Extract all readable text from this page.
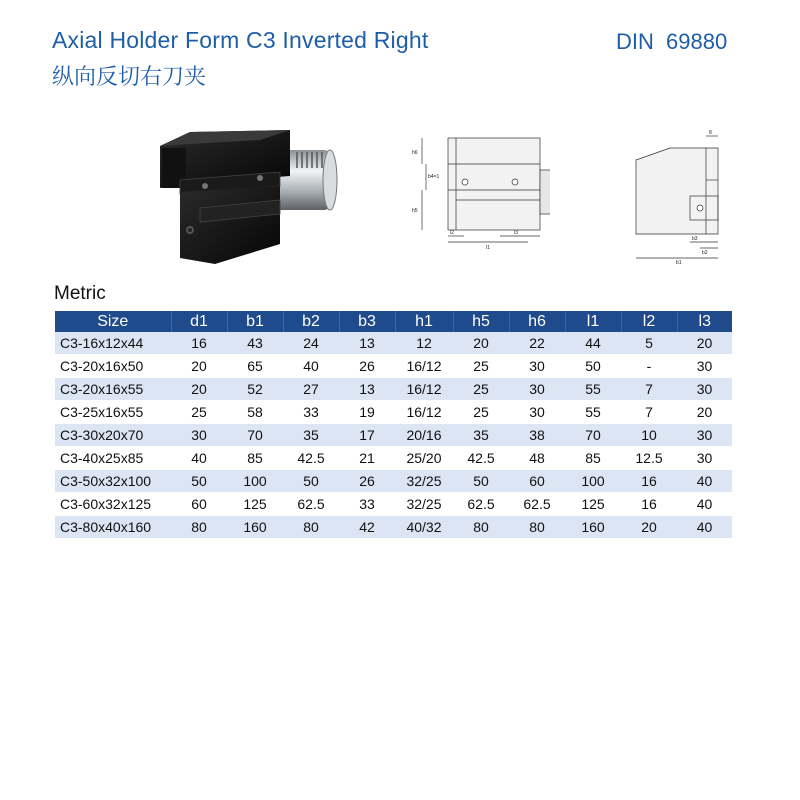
Axial Holder Form C3 Inverted Right
纵向反切右刀夹
DIN 69880
h6
b4=1
h5
l2
l1
l3
8
b3
b2
b1
Metric
Size	d1	b1	b2	b3	h1	h5	h6	l1	l2	l3
C3-16x12x44	16	43	24	13	12	20	22	44	5	20
C3-20x16x50	20	65	40	26	16/12	25	30	50	-	30
C3-20x16x55	20	52	27	13	16/12	25	30	55	7	30
C3-25x16x55	25	58	33	19	16/12	25	30	55	7	20
C3-30x20x70	30	70	35	17	20/16	35	38	70	10	30
C3-40x25x85	40	85	42.5	21	25/20	42.5	48	85	12.5	30
C3-50x32x100	50	100	50	26	32/25	50	60	100	16	40
C3-60x32x125	60	125	62.5	33	32/25	62.5	62.5	125	16	40
C3-80x40x160	80	160	80	42	40/32	80	80	160	20	40
